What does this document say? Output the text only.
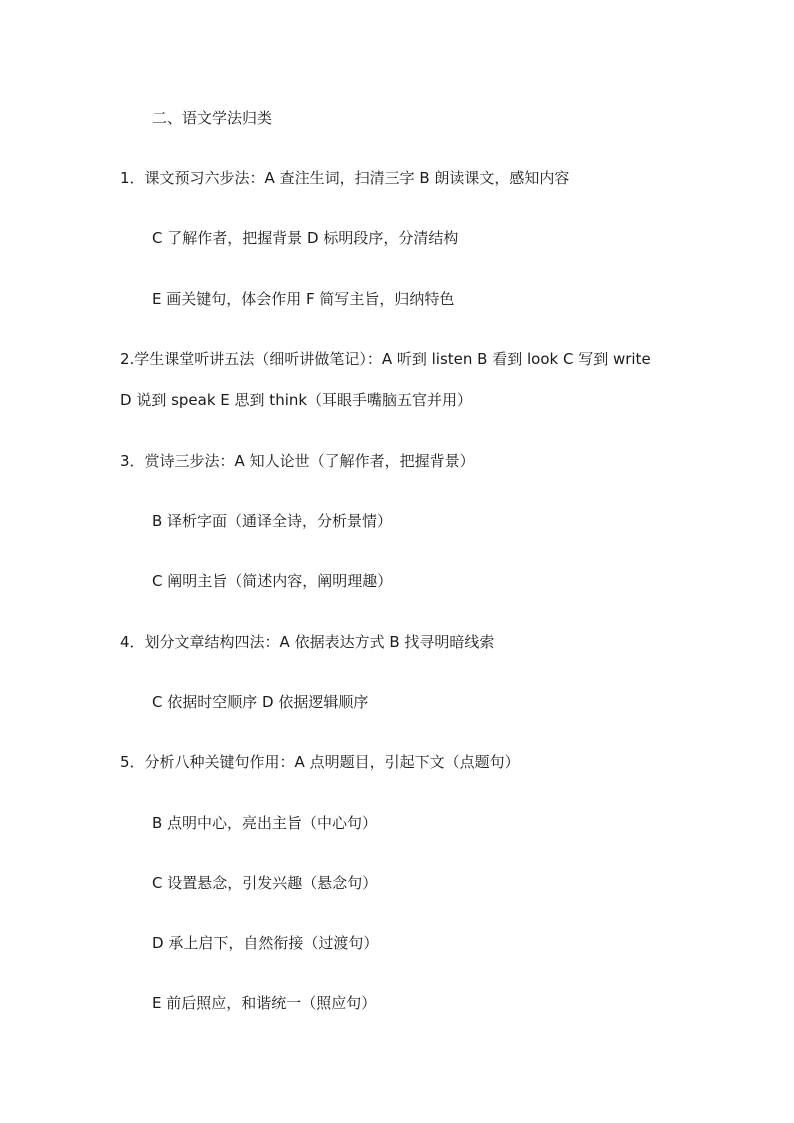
二、语文学法归类
1．课文预习六步法：A 查注生词，扫清三字 B 朗读课文，感知内容
C 了解作者，把握背景 D 标明段序，分清结构
E 画关键句，体会作用 F 简写主旨，归纳特色
2.学生课堂听讲五法（细听讲做笔记）：A 听到 listen B 看到 look C 写到 write
D 说到 speak E 思到 think（耳眼手嘴脑五官并用）
3．赏诗三步法：A 知人论世（了解作者，把握背景）
B 译析字面（通译全诗，分析景情）
C 阐明主旨（简述内容，阐明理趣）
4．划分文章结构四法：A 依据表达方式 B 找寻明暗线索
C 依据时空顺序 D 依据逻辑顺序
5．分析八种关键句作用：A 点明题目，引起下文（点题句）
B 点明中心，亮出主旨（中心句）
C 设置悬念，引发兴趣（悬念句）
D 承上启下，自然衔接（过渡句）
E 前后照应，和谐统一（照应句）
